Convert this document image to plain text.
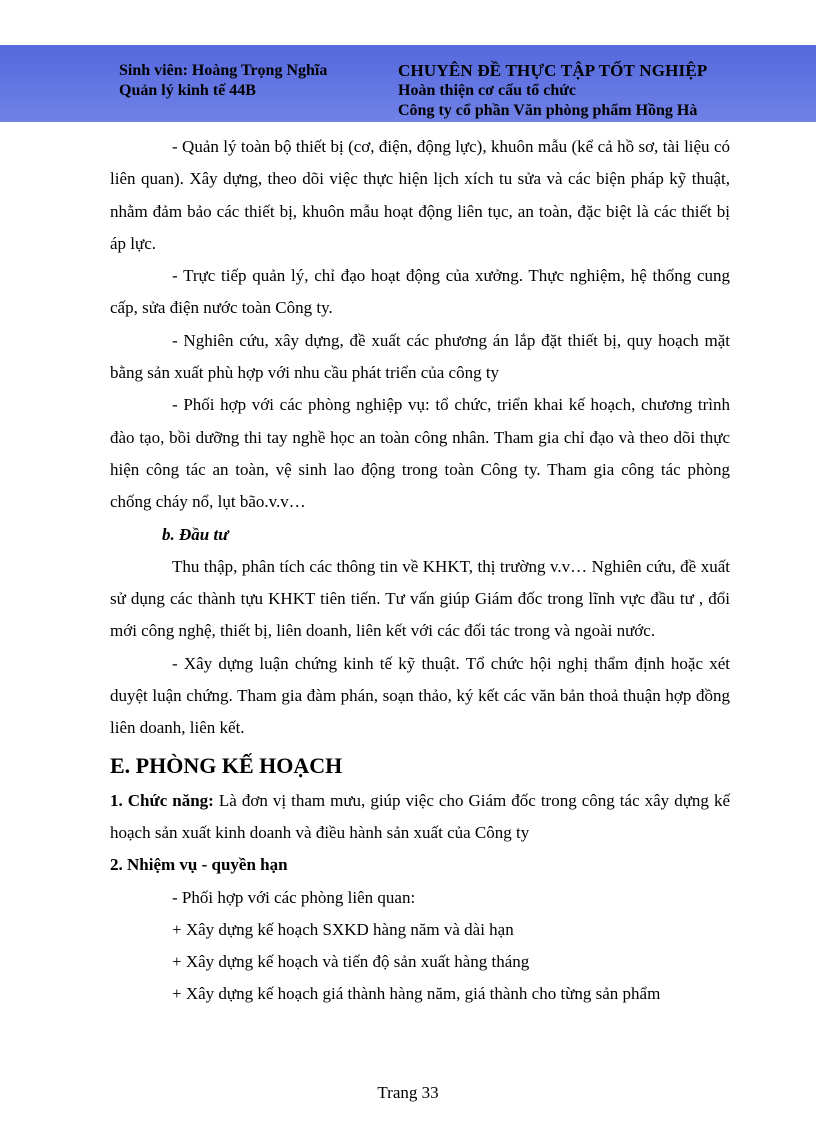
Sinh viên: Hoàng Trọng Nghĩa
Quản lý kinh tế 44B
CHUYÊN ĐỀ THỰC TẬP TỐT NGHIỆP
Hoàn thiện cơ cấu tổ chức
Công ty cổ phần Văn phòng phẩm Hồng Hà

- Quản lý toàn bộ thiết bị (cơ, điện, động lực), khuôn mẫu (kể cả hồ sơ, tài liệu có liên quan). Xây dựng, theo dõi việc thực hiện lịch xích tu sửa và các biện pháp kỹ thuật, nhằm đảm bảo các thiết bị, khuôn mẫu hoạt động liên tục, an toàn, đặc biệt là các thiết bị áp lực.

- Trực tiếp quản lý, chỉ đạo hoạt động của xưởng. Thực nghiệm, hệ thống cung cấp, sửa điện nước toàn Công ty.

- Nghiên cứu, xây dựng, đề xuất các phương án lắp đặt thiết bị, quy hoạch mặt bằng sản xuất phù hợp với nhu cầu phát triển của công ty

- Phối hợp với các phòng nghiệp vụ: tổ chức, triển khai kế hoạch, chương trình đào tạo, bồi dưỡng thi tay nghề học an toàn công nhân. Tham gia chỉ đạo và theo dõi thực hiện công tác an toàn, vệ sinh lao động trong toàn Công ty. Tham gia công tác phòng chống cháy nổ, lụt bão.v.v…

b. Đầu tư

Thu thập, phân tích các thông tin về KHKT, thị trường v.v… Nghiên cứu, đề xuất sử dụng các thành tựu KHKT tiên tiến. Tư vấn giúp Giám đốc trong lĩnh vực đầu tư , đổi mới công nghệ, thiết bị, liên doanh, liên kết với các đối tác trong và ngoài nước.

- Xây dựng luận chứng kinh tế kỹ thuật. Tổ chức hội nghị thẩm định hoặc xét duyệt luận chứng. Tham gia đàm phán, soạn thảo, ký kết các văn bản thoả thuận hợp đồng liên doanh, liên kết.

E. PHÒNG KẾ HOẠCH

1. Chức năng: Là đơn vị tham mưu, giúp việc cho Giám đốc trong công tác xây dựng kế hoạch sản xuất kinh doanh và điều hành sản xuất của Công ty

2. Nhiệm vụ - quyền hạn

- Phối hợp với các phòng liên quan:

+ Xây dựng kế hoạch SXKD hàng năm và dài hạn

+ Xây dựng kế hoạch và tiến độ sản xuất hàng tháng

+ Xây dựng kế hoạch giá thành hàng năm, giá thành cho từng sản phẩm

Trang 33
